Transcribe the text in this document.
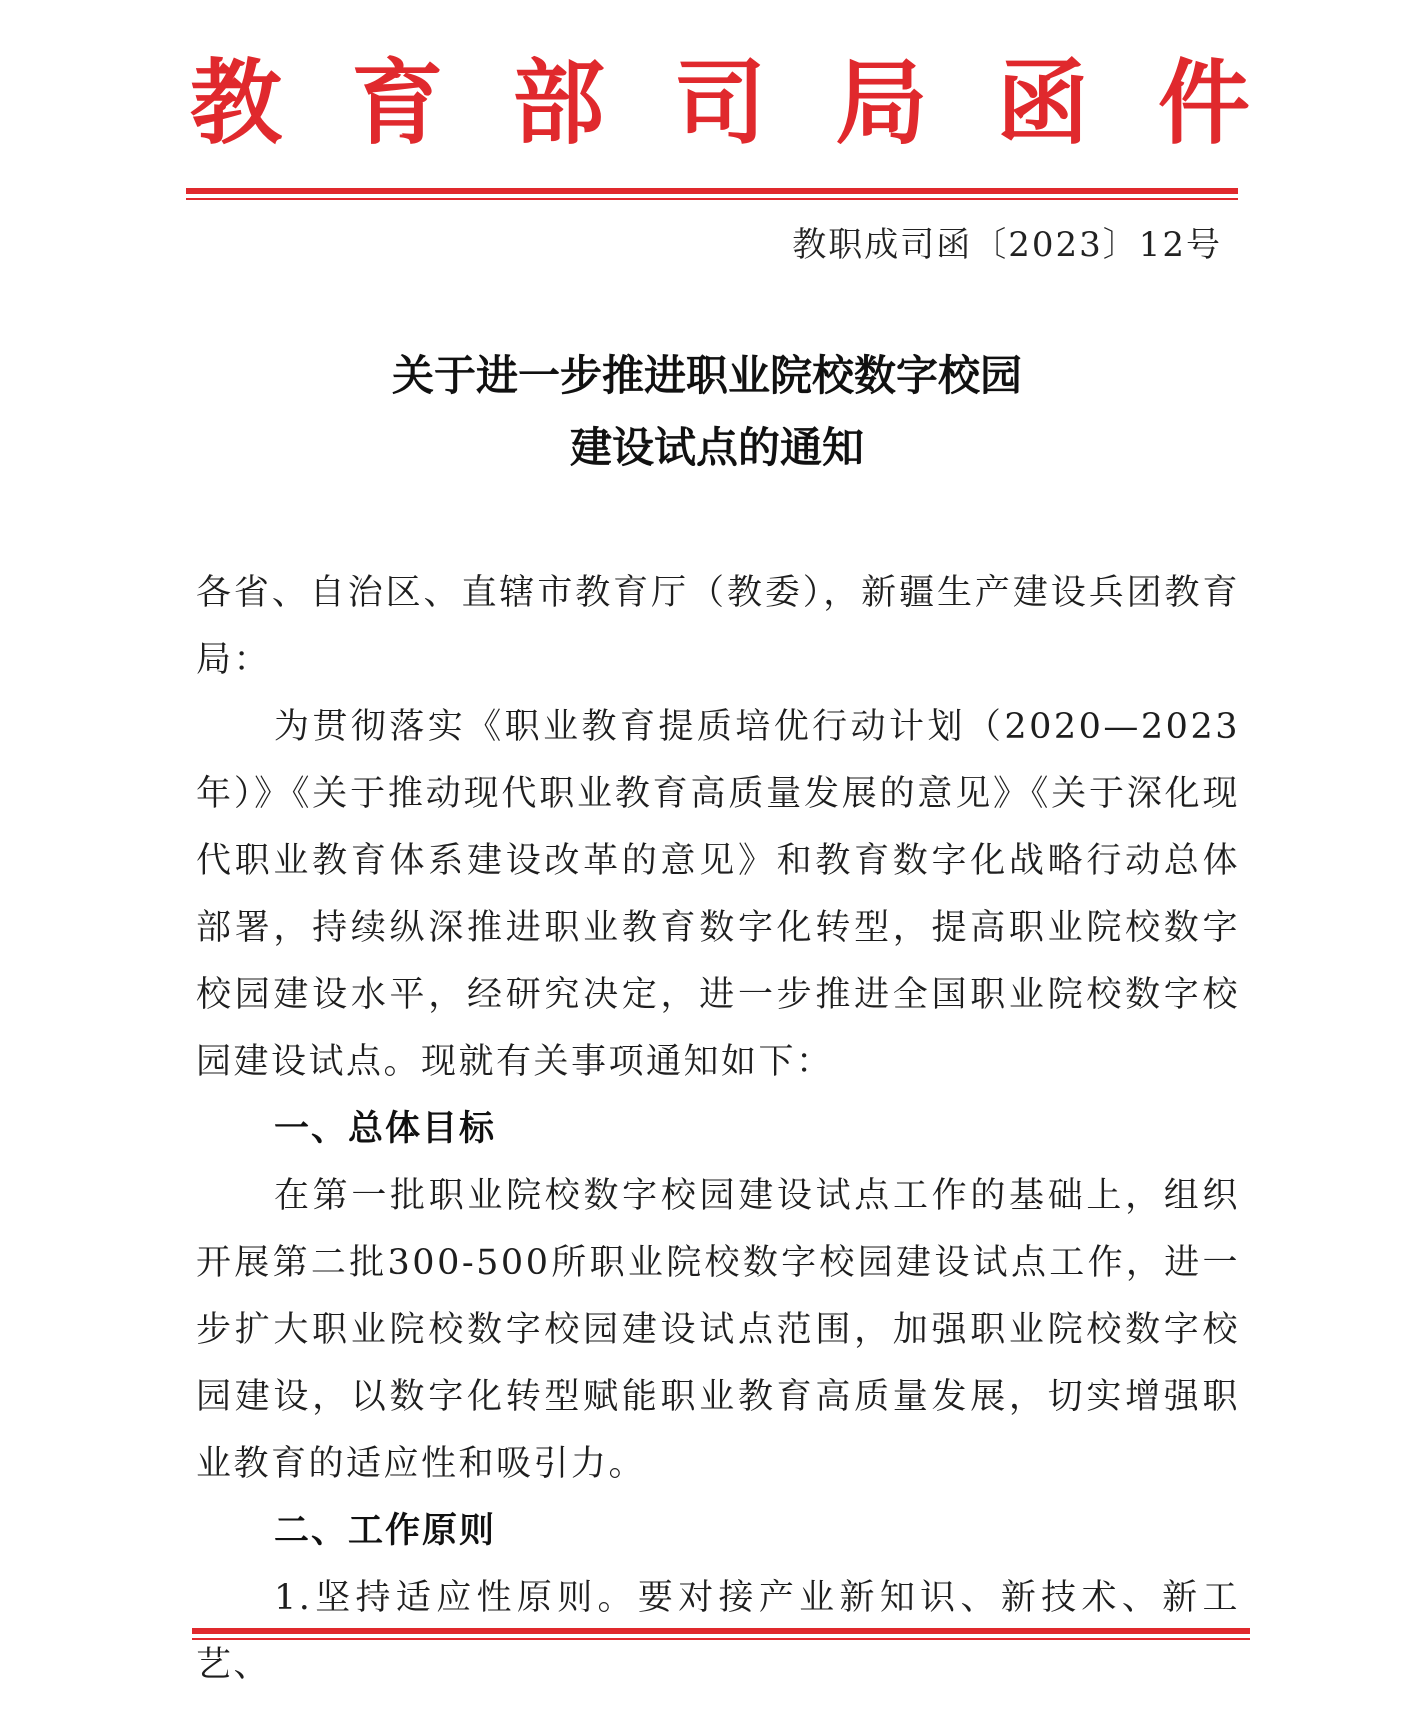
教 育 部 司 局 函 件
教职成司函〔2023〕12号
关于进一步推进职业院校数字校园
建设试点的通知

各省、自治区、直辖市教育厅（教委），新疆生产建设兵团教育局：

为贯彻落实《职业教育提质培优行动计划（2020—2023年）》《关于推动现代职业教育高质量发展的意见》《关于深化现代职业教育体系建设改革的意见》和教育数字化战略行动总体部署，持续纵深推进职业教育数字化转型，提高职业院校数字校园建设水平，经研究决定，进一步推进全国职业院校数字校园建设试点。现就有关事项通知如下：

一、总体目标

在第一批职业院校数字校园建设试点工作的基础上，组织开展第二批300-500所职业院校数字校园建设试点工作，进一步扩大职业院校数字校园建设试点范围，加强职业院校数字校园建设，以数字化转型赋能职业教育高质量发展，切实增强职业教育的适应性和吸引力。

二、工作原则

1.坚持适应性原则。要对接产业新知识、新技术、新工艺、
